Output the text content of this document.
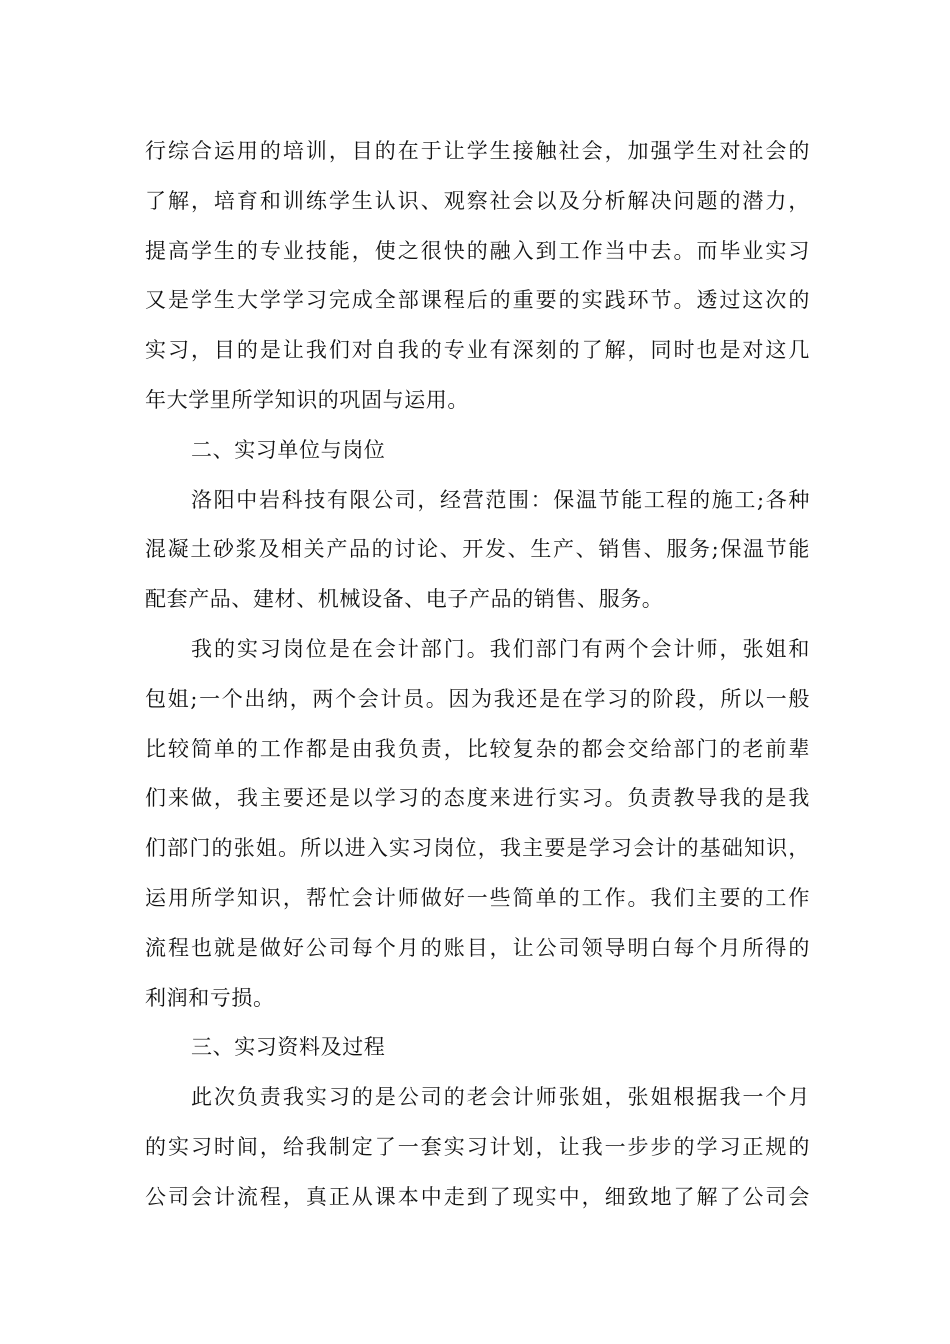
行综合运用的培训，目的在于让学生接触社会，加强学生对社会的
了解，培育和训练学生认识、观察社会以及分析解决问题的潜力，
提高学生的专业技能，使之很快的融入到工作当中去。而毕业实习
又是学生大学学习完成全部课程后的重要的实践环节。透过这次的
实习，目的是让我们对自我的专业有深刻的了解，同时也是对这几
年大学里所学知识的巩固与运用。
二、实习单位与岗位
洛阳中岩科技有限公司，经营范围：保温节能工程的施工;各种
混凝土砂浆及相关产品的讨论、开发、生产、销售、服务;保温节能
配套产品、建材、机械设备、电子产品的销售、服务。
我的实习岗位是在会计部门。我们部门有两个会计师，张姐和
包姐;一个出纳，两个会计员。因为我还是在学习的阶段，所以一般
比较简单的工作都是由我负责，比较复杂的都会交给部门的老前辈
们来做，我主要还是以学习的态度来进行实习。负责教导我的是我
们部门的张姐。所以进入实习岗位，我主要是学习会计的基础知识，
运用所学知识，帮忙会计师做好一些简单的工作。我们主要的工作
流程也就是做好公司每个月的账目，让公司领导明白每个月所得的
利润和亏损。
三、实习资料及过程
此次负责我实习的是公司的老会计师张姐，张姐根据我一个月
的实习时间，给我制定了一套实习计划，让我一步步的学习正规的
公司会计流程，真正从课本中走到了现实中，细致地了解了公司会
